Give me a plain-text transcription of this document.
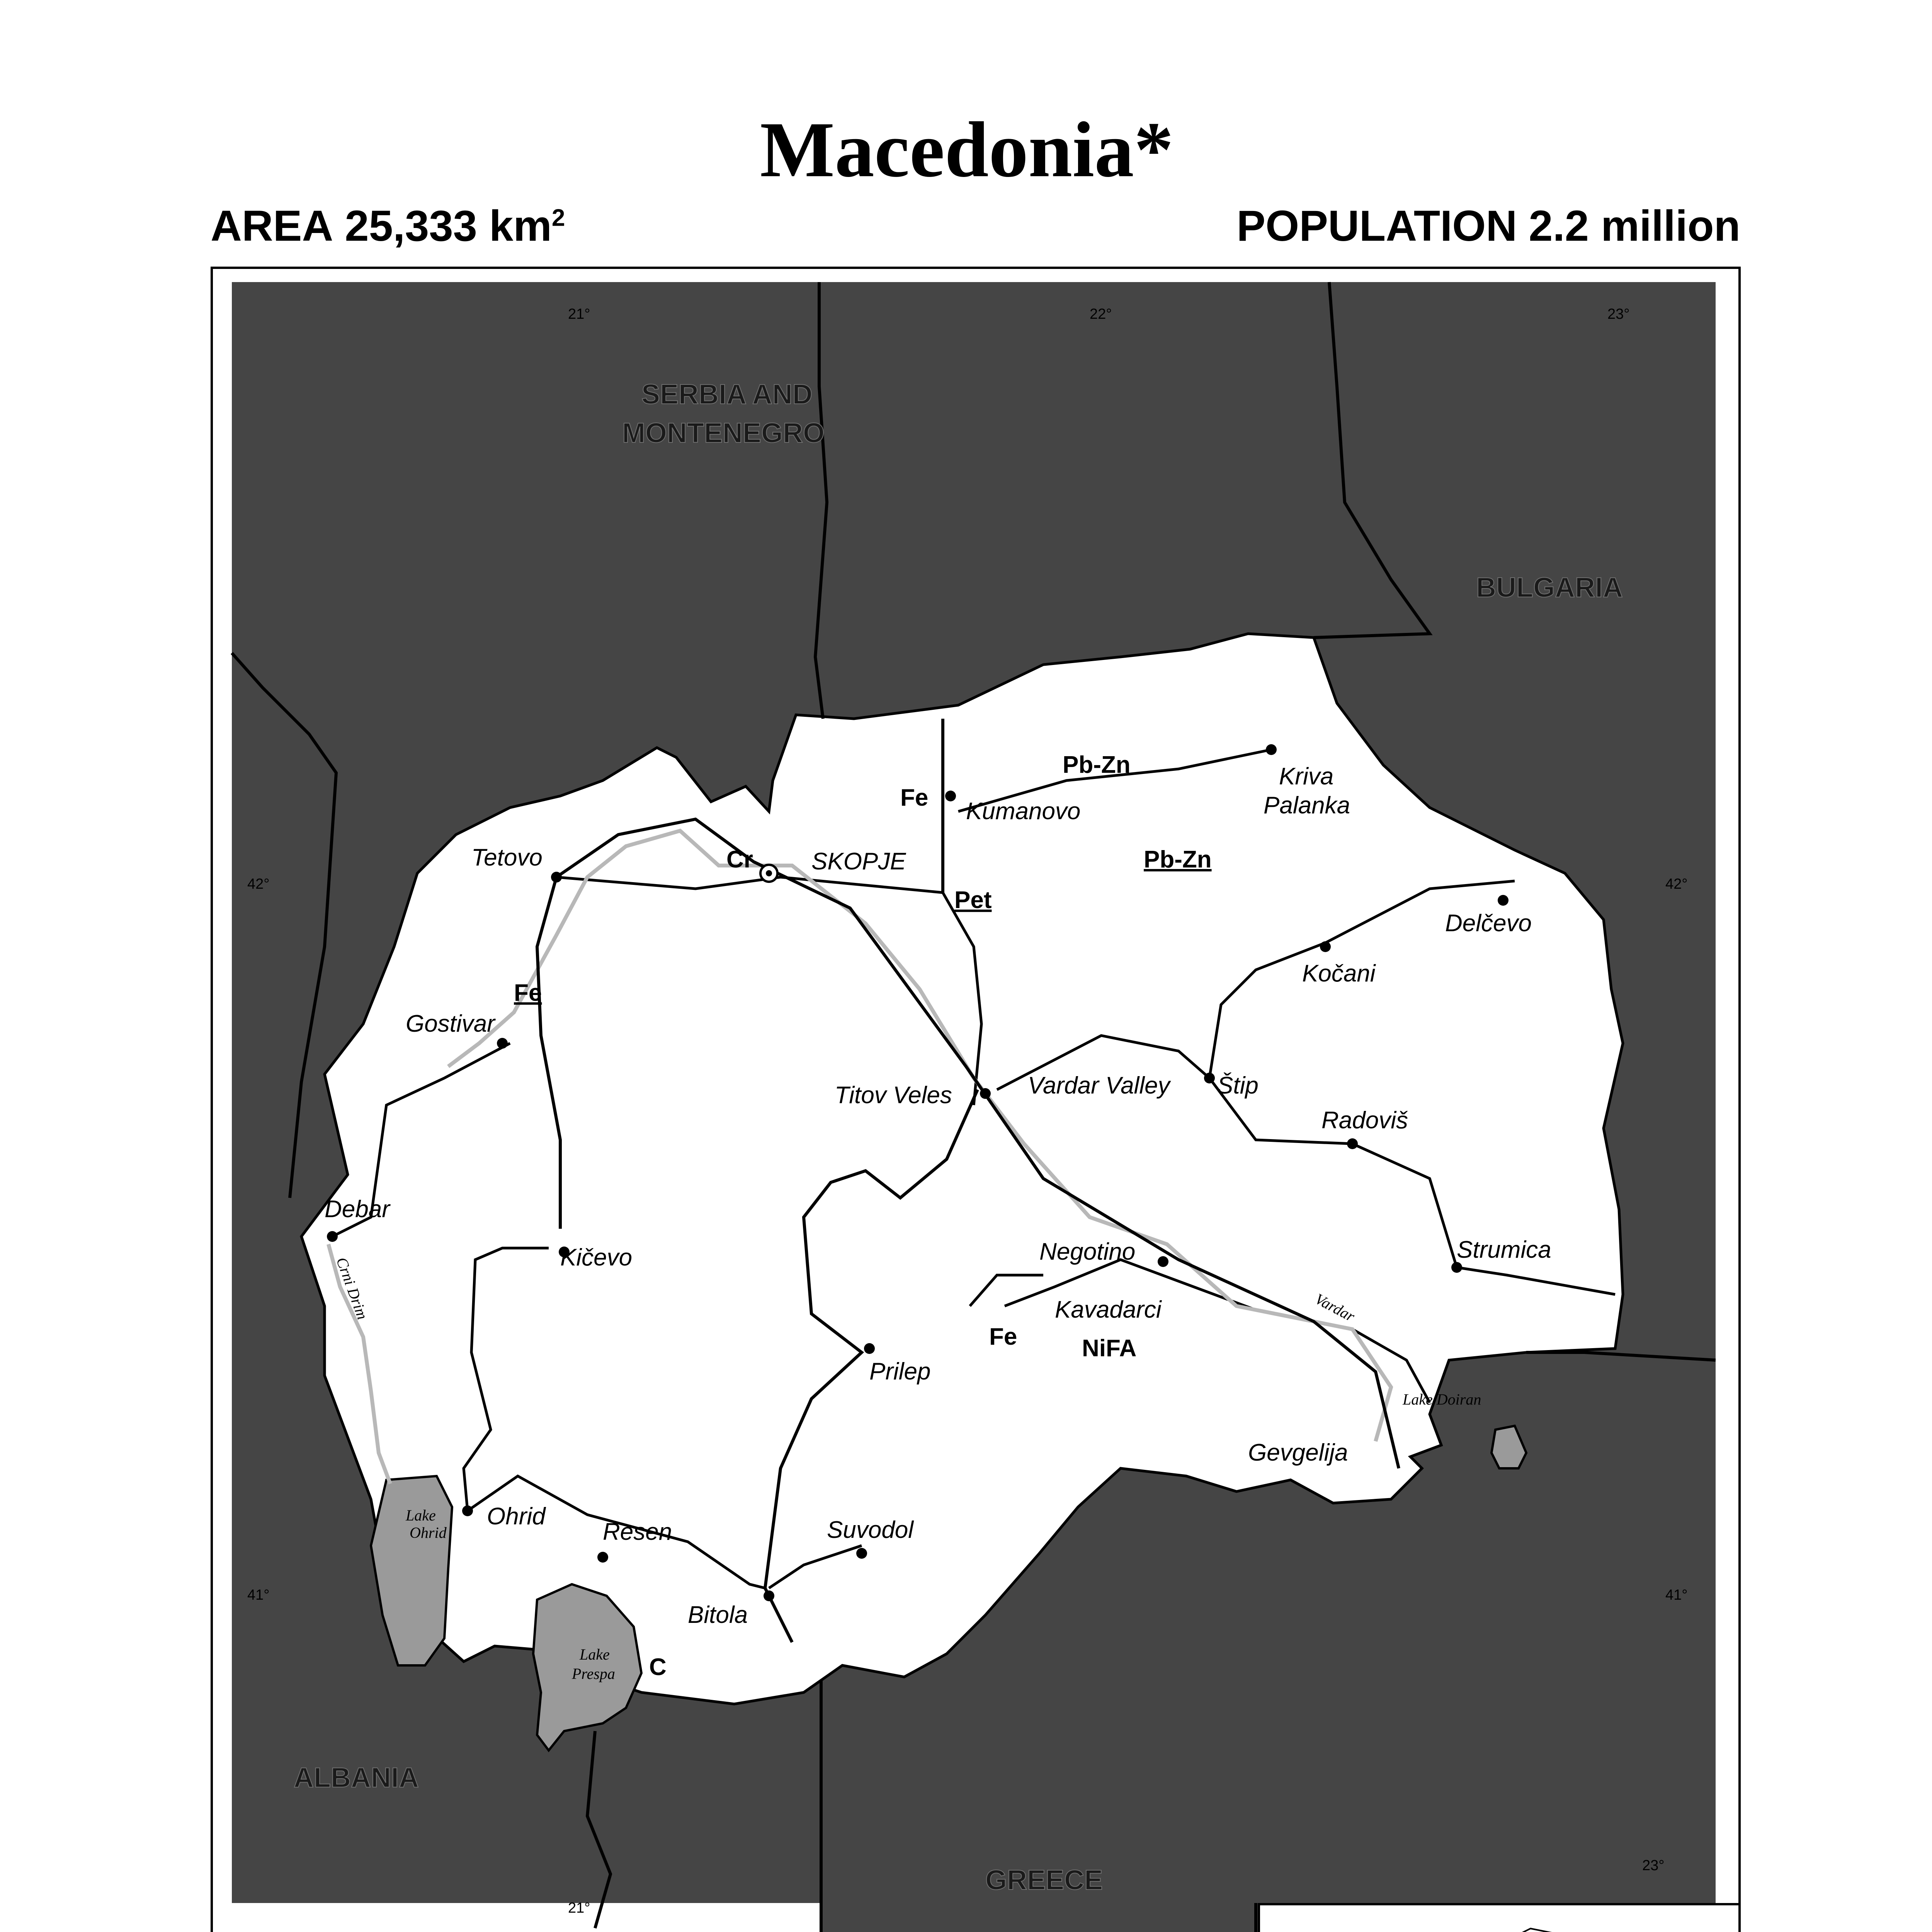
Macedonia*
AREA 25,333 $km^2$	POPULATION 2.2 million
SERBIA AND
MONTENEGRO
BULGARIA
ALBANIA
GREECE
21°	22°	23°
23°
21°
42°	42°
41°	41°
SKOPJE
Tetovo
Kumanovo
Kriva
Palanka
Delčevo
Kočani
Gostivar
Titov Veles	Vardar Valley Štip
Radoviš
Debar
Kičevo	Negotino	Strumica
Kavadarci
Prilep
Gevgelija
Ohrid
Resen	Suvodol
Bitola
Fe
Cr
Pb-Zn
Fe
C
Pb-Zn
Pet
Fe
NiFA
Lake
Ohrid
Lake
Prespa
Lake Doiran
Crni Drim	Vardar
